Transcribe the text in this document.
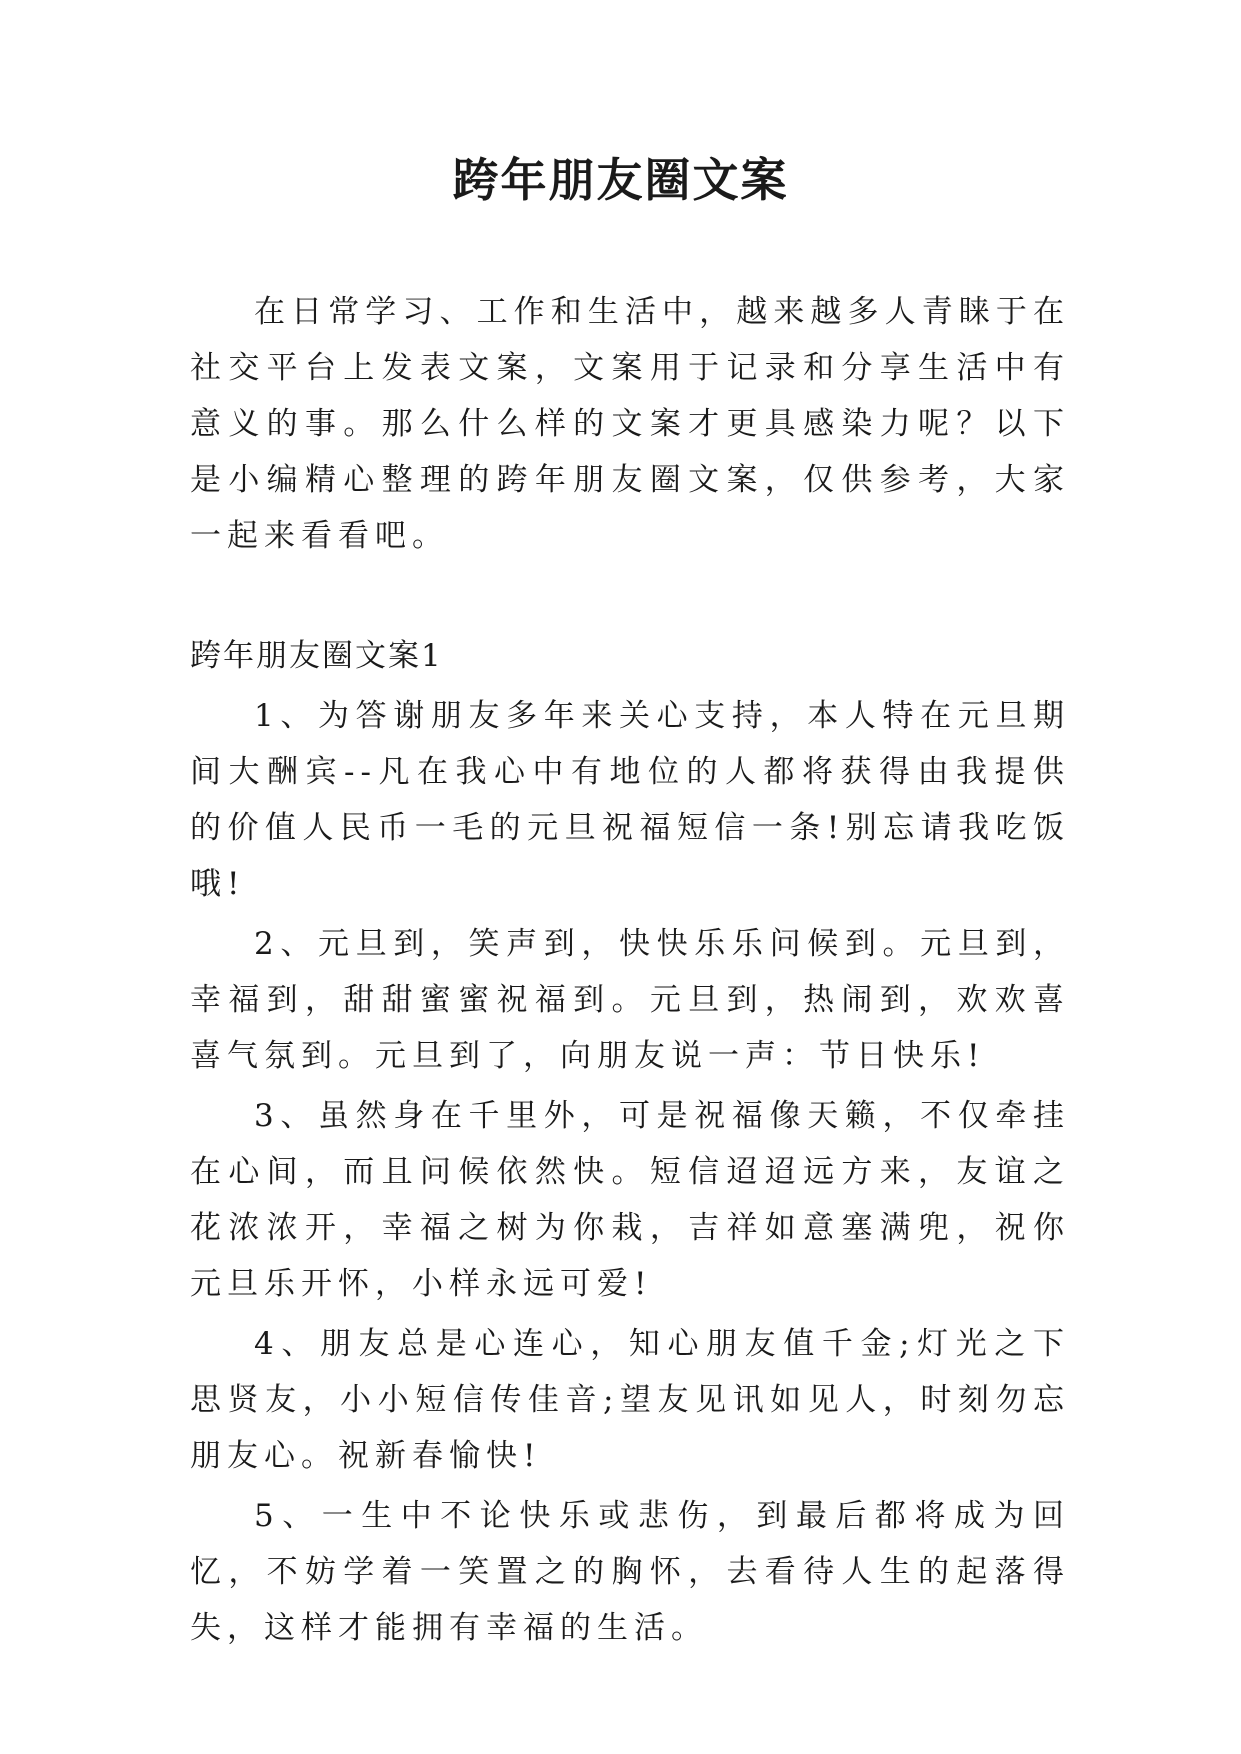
跨年朋友圈文案

在日常学习、工作和生活中，越来越多人青睐于在社交平台上发表文案，文案用于记录和分享生活中有意义的事。那么什么样的文案才更具感染力呢？以下是小编精心整理的跨年朋友圈文案，仅供参考，大家一起来看看吧。

跨年朋友圈文案1

1、为答谢朋友多年来关心支持，本人特在元旦期间大酬宾--凡在我心中有地位的人都将获得由我提供的价值人民币一毛的元旦祝福短信一条!别忘请我吃饭哦!

2、元旦到，笑声到，快快乐乐问候到。元旦到，幸福到，甜甜蜜蜜祝福到。元旦到，热闹到，欢欢喜喜气氛到。元旦到了，向朋友说一声：节日快乐!

3、虽然身在千里外，可是祝福像天籁，不仅牵挂在心间，而且问候依然快。短信迢迢远方来，友谊之花浓浓开，幸福之树为你栽，吉祥如意塞满兜，祝你元旦乐开怀，小样永远可爱!

4、朋友总是心连心，知心朋友值千金;灯光之下思贤友，小小短信传佳音;望友见讯如见人，时刻勿忘朋友心。祝新春愉快!

5、一生中不论快乐或悲伤，到最后都将成为回忆，不妨学着一笑置之的胸怀，去看待人生的起落得失，这样才能拥有幸福的生活。
